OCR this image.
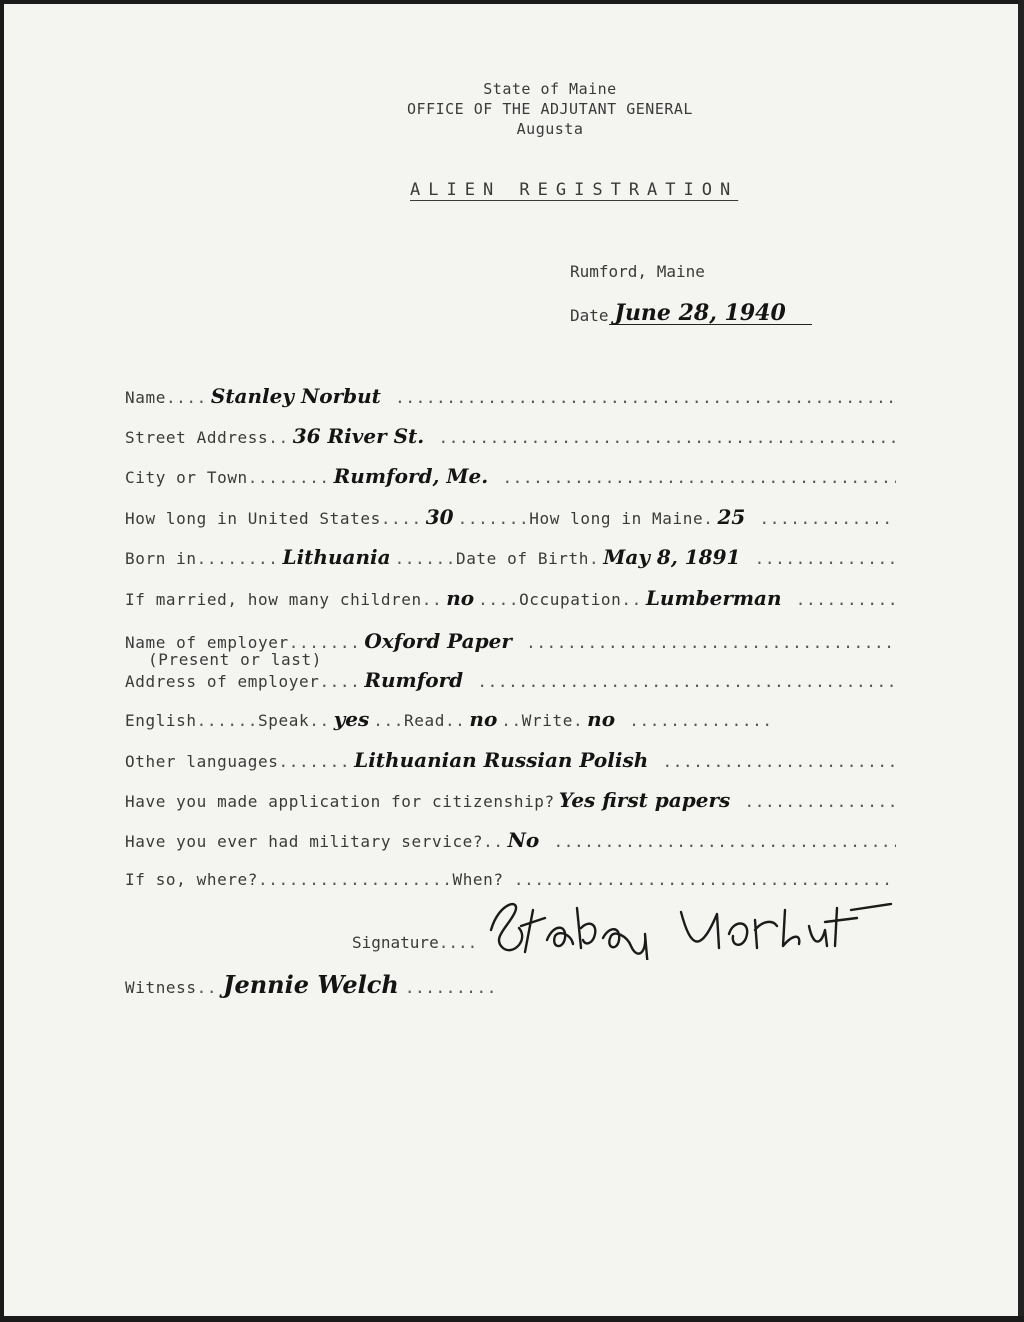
State of Maine
OFFICE OF THE ADJUTANT GENERAL
Augusta
ALIEN REGISTRATION
Rumford, Maine
Date June 28, 1940
Name.... Stanley Norbut .....
Street Address.. 36 River St. .....
City or Town........ Rumford, Me. .....
How long in United States.... 30 .......How long in Maine. 25 .....
Born in........ Lithuania ......Date of Birth. May 8, 1891 .....
If married, how many children.. no ....Occupation.. Lumberman .....
Name of employer....... Oxford Paper .....
(Present or last)
Address of employer.... Rumford .....
English......Speak.. yes ...Read.. no ..Write. no .....
Other languages....... Lithuanian Russian Polish .....
Have you made application for citizenship? Yes first papers .....
Have you ever had military service?.. No .....
If so, where?...................When? .....
Signature ....
Witness .. Jennie Welch .........
